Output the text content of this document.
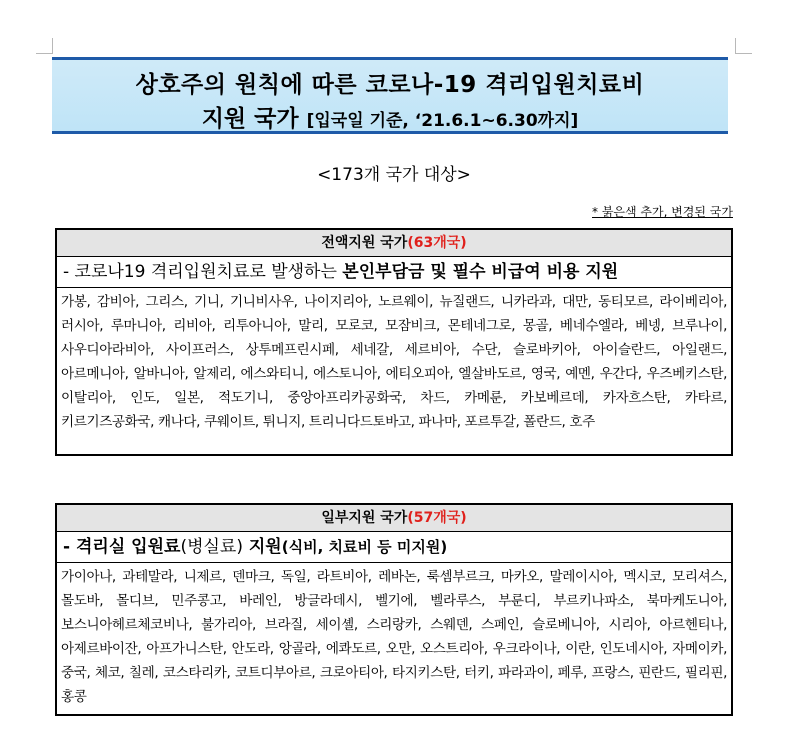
상호주의 원칙에 따른 코로나-19 격리입원치료비
지원 국가 [입국일 기준, ‘21.6.1~6.30까지]
<173개 국가 대상>
* 붉은색 추가, 변경된 국가
전액지원 국가(63개국)
- 코로나19 격리입원치료로 발생하는 본인부담금 및 필수 비급여 비용 지원
가봉, 감비아, 그리스, 기니, 기니비사우, 나이지리아, 노르웨이, 뉴질랜드, 니카라과, 대만, 동티모르, 라이베리아, 러시아, 루마니아, 리비아, 리투아니아, 말리, 모로코, 모잠비크, 몬테네그로, 몽골, 베네수엘라, 베넹, 브루나이, 사우디아라비아, 사이프러스, 상투메프린시페, 세네갈, 세르비아, 수단, 슬로바키아, 아이슬란드, 아일랜드, 아르메니아, 알바니아, 알제리, 에스와티니, 에스토니아, 에티오피아, 엘살바도르, 영국, 예멘, 우간다, 우즈베키스탄, 이탈리아, 인도, 일본, 적도기니, 중앙아프리카공화국, 차드, 카메룬, 카보베르데, 카자흐스탄, 카타르, 키르기즈공화국, 캐나다, 쿠웨이트, 튀니지, 트리니다드토바고, 파나마, 포르투갈, 폴란드, 호주
일부지원 국가(57개국)
- 격리실 입원료(병실료) 지원(식비, 치료비 등 미지원)
가이아나, 과테말라, 니제르, 덴마크, 독일, 라트비아, 레바논, 룩셈부르크, 마카오, 말레이시아, 멕시코, 모리셔스, 몰도바, 몰디브, 민주콩고, 바레인, 방글라데시, 벨기에, 벨라루스, 부룬디, 부르키나파소, 북마케도니아, 보스니아헤르체코비나, 불가리아, 브라질, 세이셸, 스리랑카, 스웨덴, 스페인, 슬로베니아, 시리아, 아르헨티나, 아제르바이잔, 아프가니스탄, 안도라, 앙골라, 에콰도르, 오만, 오스트리아, 우크라이나, 이란, 인도네시아, 자메이카, 중국, 체코, 칠레, 코스타리카, 코트디부아르, 크로아티아, 타지키스탄, 터키, 파라과이, 페루, 프랑스, 핀란드, 필리핀, 홍콩
